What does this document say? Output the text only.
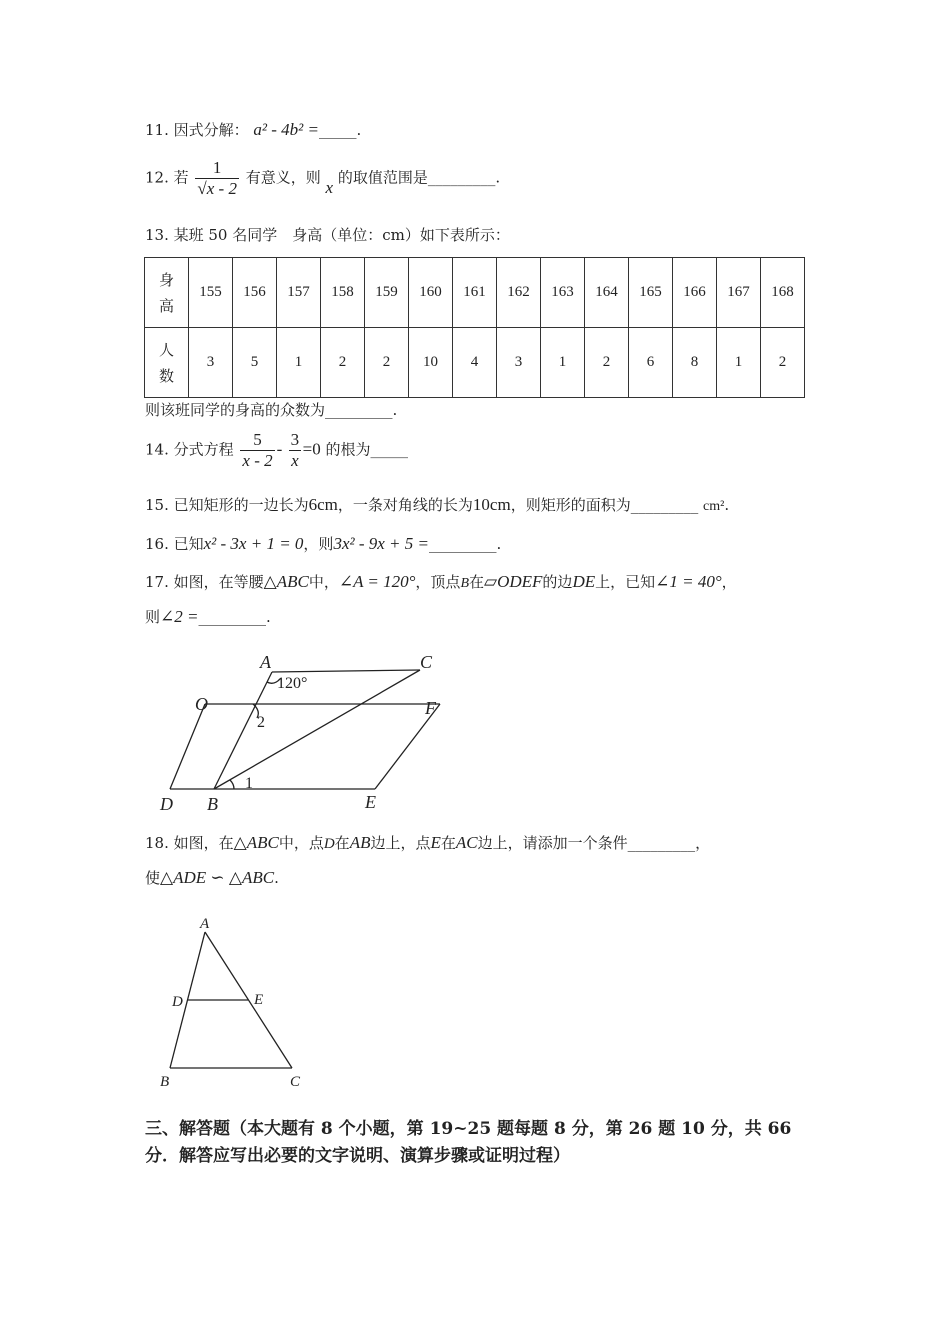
11. 因式分解： a² - 4b² =_____.
12. 若 $\frac{1}{√x - 2}$ 有意义，则 x 的取值范围是_________.
13. 某班 50 名同学　身高（单位：cm）如下表所示：
身高	155	156	157	158	159	160	161	162	163	164	165	166	167	168

人数	3	5	1	2	2	10	4	3	1	2	6	8	1	2
则该班同学的身高的众数为_________.
14. 分式方程 $\frac{5}{x - 2} - \frac{3}{x} =0$ 的根为_____
15. 已知矩形的一边长为6cm，一条对角线的长为10cm，则矩形的面积为_________ cm².
16. 已知x² - 3x + 1 = 0，则3x² - 9x + 5 =_________.
17. 如图，在等腰△ABC中，∠A = 120°，顶点B在▱ODEF的边DE上，已知∠1 = 40°，
则∠2 =_________.
A	C
O	F
D B	E
120°
2
1
18. 如图，在△ABC中，点D在AB边上，点E在AC边上，请添加一个条件_________，
使△ADE ∽ △ABC.
A
D	E
B	C
三、解答题（本大题有 8 个小题，第 19~25 题每题 8 分，第 26 题 10 分，共 66 分．解答应写出必要的文字说明、演算步骤或证明过程）
